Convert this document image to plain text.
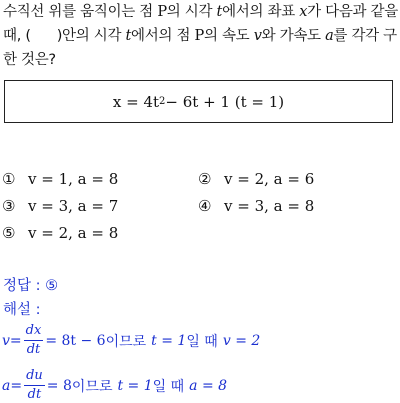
수직선 위를 움직이는 점 P의 시각 t에서의 좌표 x가 다음과 같을

때, ( )안의 시각 t에서의 점 P의 속도 v와 가속도 a를 각각 구

한 것은?

x = 4t 2 − 6t + 1 (t = 1)
① v = 1, a = 8	② v = 2, a = 6
③ v = 3, a = 7	④ v = 3, a = 8
⑤ v = 2, a = 8
정답 : ⑤
해설 :
$v = \frac{dx}{dt} = 8t - 6$ 이므로 t = 1 일 때 v = 2
$a = \frac{du}{dt} = 8$ 이므로 t = 1 일 때 a = 8
